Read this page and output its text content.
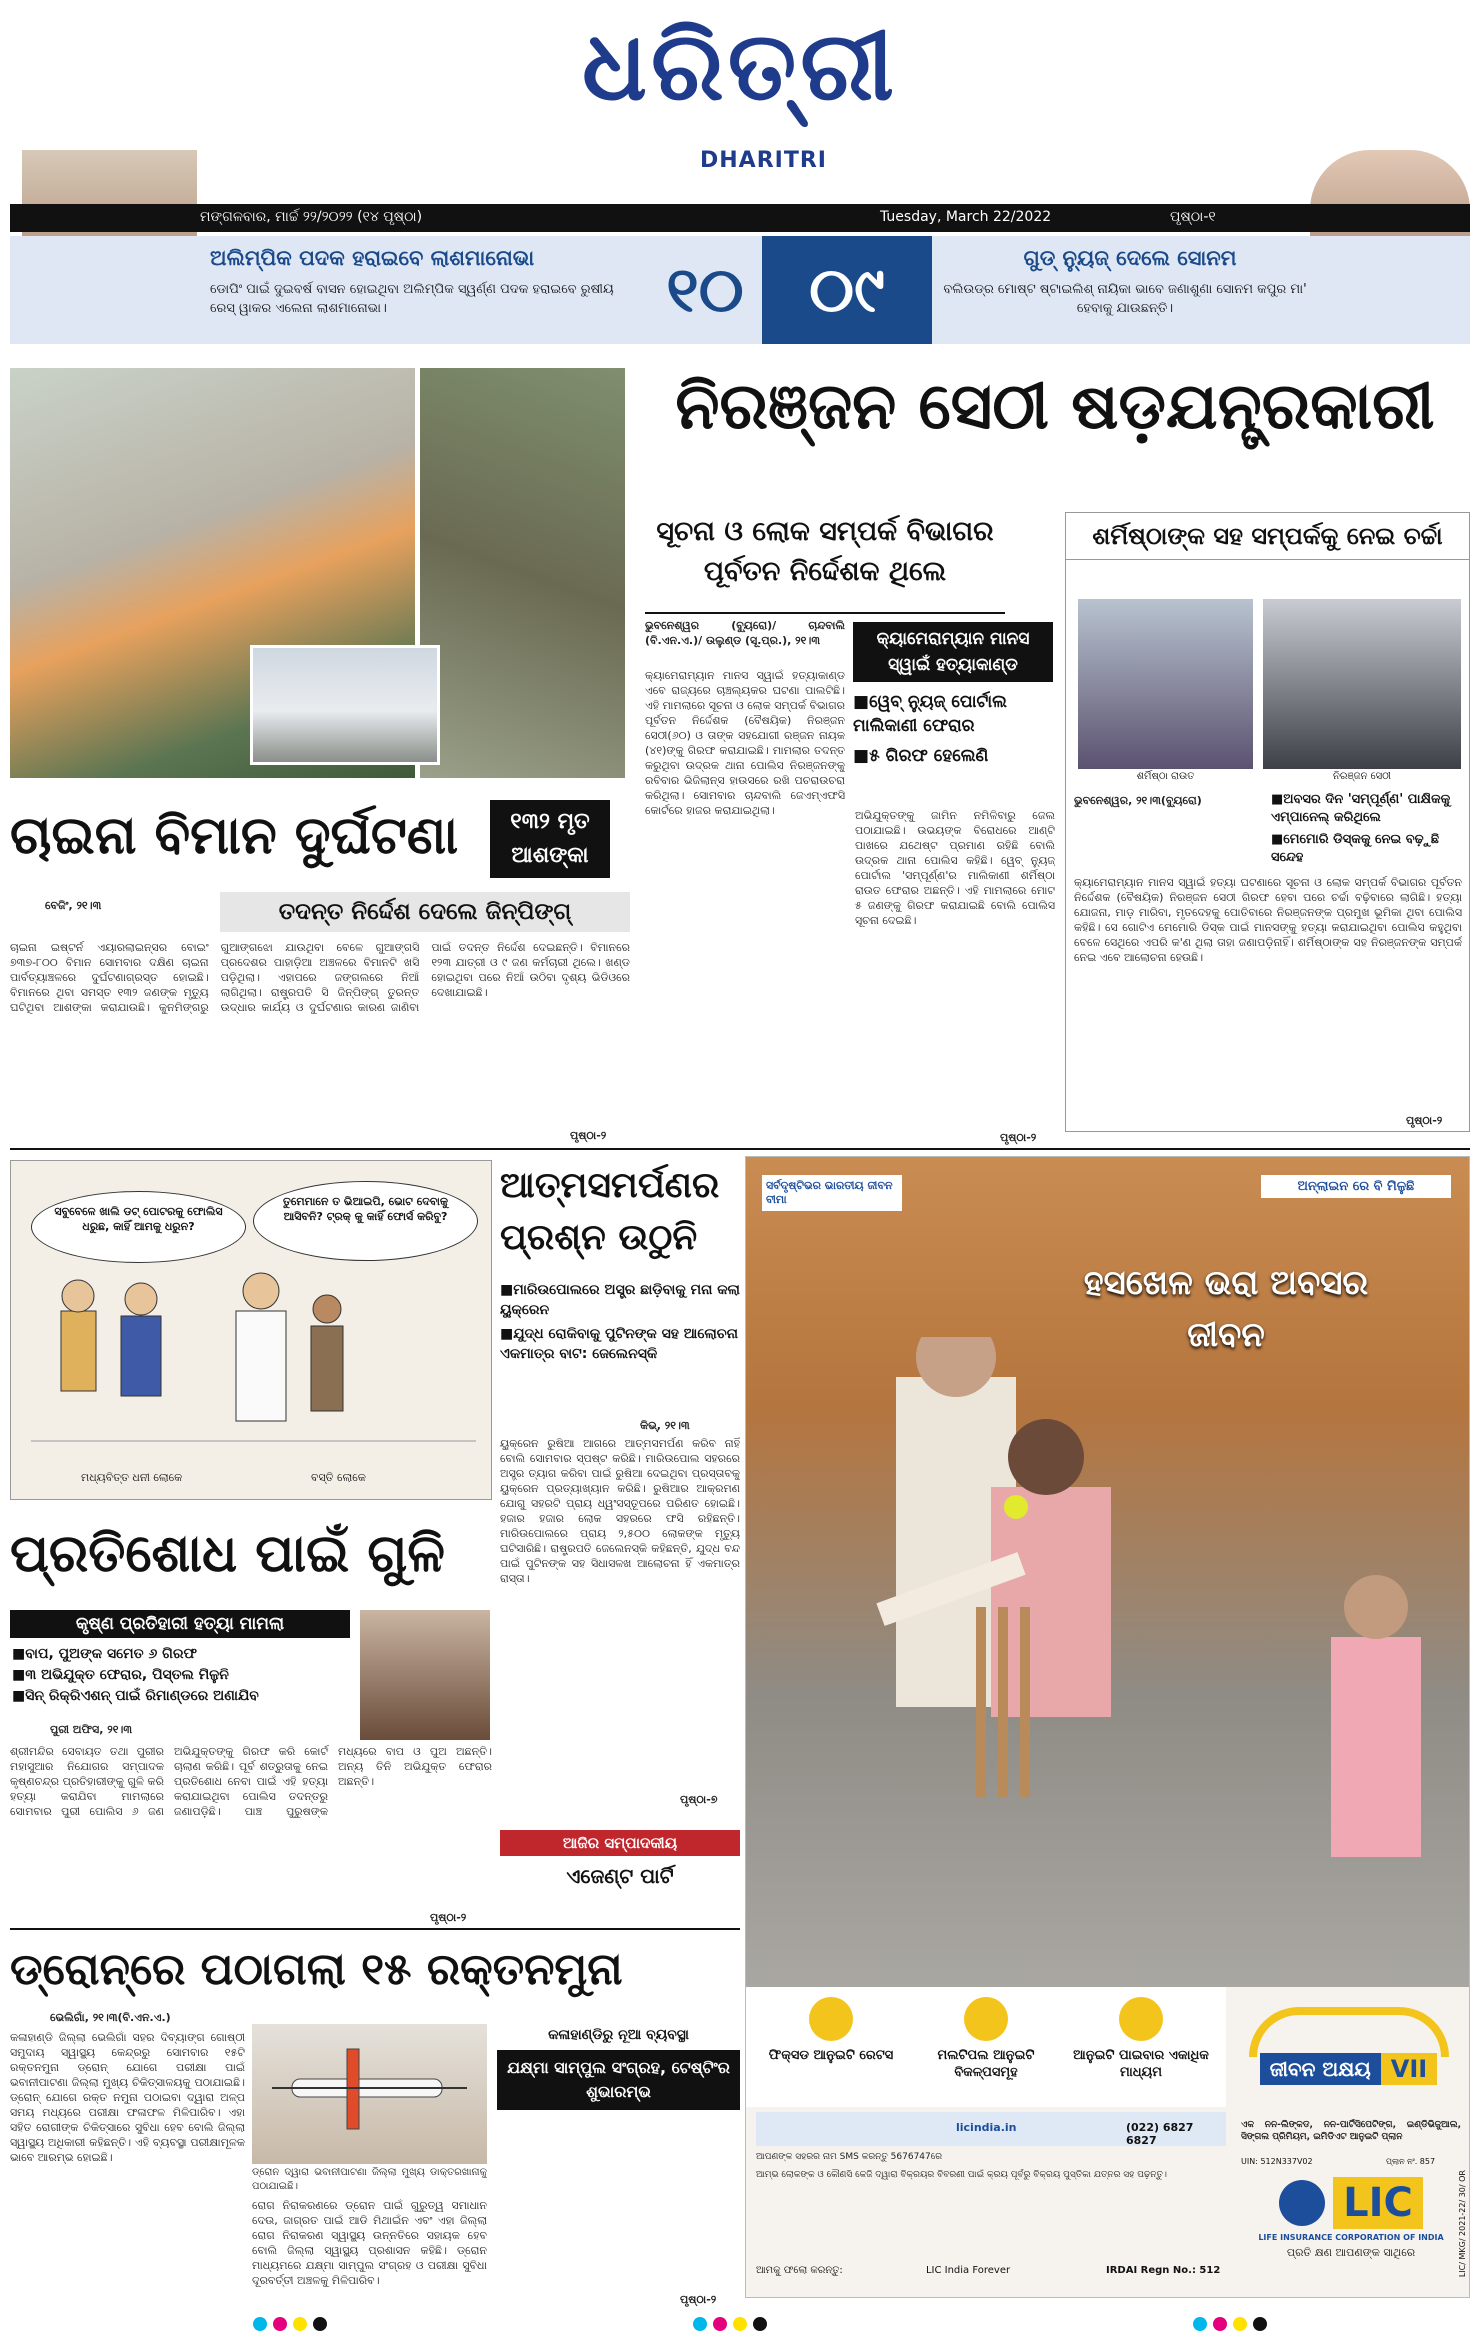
ଧରିତ୍ରୀ
DHARITRI
ମଙ୍ଗଳବାର, ମାର୍ଚ୍ଚ ୨୨/୨୦୨୨ (୧୪ ପୃଷ୍ଠା)	Tuesday, March 22/2022	ପୃଷ୍ଠା-୧
ଅଲିମ୍ପିକ ପଦକ ହରାଇବେ ଲାଶମାନୋଭା
ଡୋପିଂ ପାଇଁ ଦୁଇବର୍ଷ ବାସନ ହୋଇଥିବା ଅଲିମ୍ପିକ ସ୍ୱର୍ଣ୍ଣ ପଦକ ହରାଇବେ ରୁଷୀୟ ରେସ୍ ୱାକର ଏଲେନା ଲାଶମାନୋଭା।	୧୦	୦୯	ଗୁଡ୍ ନ୍ୟୁଜ୍ ଦେଲେ ସୋନମ
ବଲିଉଡ୍‌ର ମୋଷ୍ଟ ଷ୍ଟାଇଲିଶ୍ ନାୟିକା ଭାବେ ଜଣାଶୁଣା ସୋନମ କପୁର ମା' ହେବାକୁ ଯାଉଛନ୍ତି।
ନିରଞ୍ଜନ ସେଠୀ ଷଡ଼ଯନ୍ତ୍ରକାରୀ
ସୂଚନା ଓ ଲୋକ ସମ୍ପର୍କ ବିଭାଗର ପୂର୍ବତନ ନିର୍ଦ୍ଦେଶକ ଥିଲେ
ଭୁବନେଶ୍ୱର (ବ୍ୟୁରୋ)/ ଚାନ୍ଦବାଲି (ବି.ଏନ.ଏ.)/ ଉଲୁଣ୍ଡ (ସୂ.ପ୍ର.), ୨୧।୩	କ୍ୟାମେରାମ୍ୟାନ ମାନସ ସ୍ୱାଇଁ ହତ୍ୟାକାଣ୍ଡ
■ ୱେବ୍ ନ୍ୟୁଜ୍ ପୋର୍ଟାଲ ମାଲିକାଣୀ ଫେରାର
■ ୫ ଗିରଫ ହେଲେଣି
କ୍ୟାମେରାମ୍ୟାନ ମାନସ ସ୍ୱାଇଁ ହତ୍ୟାକାଣ୍ଡ ଏବେ ରାଜ୍ୟରେ ଚାଞ୍ଚଲ୍ୟକର ଘଟଣା ପାଲଟିଛି। ଏହି ମାମଲାରେ ସୂଚନା ଓ ଲୋକ ସମ୍ପର୍କ ବିଭାଗର ପୂର୍ବତନ ନିର୍ଦ୍ଦେଶକ (ବୈଷୟିକ) ନିରଞ୍ଜନ ସେଠୀ(୬୦) ଓ ତାଙ୍କ ସହଯୋଗୀ ରଞ୍ଜନ ନାୟକ (୪୧)ଙ୍କୁ ଗିରଫ କରାଯାଇଛି। ମାମଲାର ତଦନ୍ତ କରୁଥିବା ଉଦ୍ରକ ଥାନା ପୋଲିସ ନିରଞ୍ଜନଙ୍କୁ ରବିବାର ଭିଜିଲାନ୍ସ ହାଉସରେ ରଖି ପଚରାଉଚରା କରିଥିଲା। ସୋମବାର ଚାନ୍ଦବାଲି ଜେଏମ୍ଏଫସି କୋର୍ଟରେ ହାଜର କରାଯାଇଥିଲା।	ଅଭିଯୁକ୍ତଙ୍କୁ ଜାମିନ ନମିଳିବାରୁ ଜେଲ ପଠାଯାଇଛି। ଉଭୟଙ୍କ ବିରୋଧରେ ଆଣ୍ଟି ପାଖରେ ଯଥେଷ୍ଟ ପ୍ରମାଣ ରହିଛି ବୋଲି ଉଦ୍ରକ ଥାନା ପୋଲିସ କହିଛି। ୱେବ୍ ନ୍ୟୁଜ୍ ପୋର୍ଟାଲ 'ସମ୍ପୂର୍ଣ୍ଣ'ର ମାଲିକାଣୀ ଶର୍ମିଷ୍ଠା ରାଉତ ଫେରାର ଅଛନ୍ତି। ଏହି ମାମଲାରେ ମୋଟ ୫ ଜଣଙ୍କୁ ଗିରଫ କରାଯାଇଛି ବୋଲି ପୋଲିସ ସୂଚନା ଦେଇଛି।
ପୃଷ୍ଠା-୨
ଶର୍ମିଷ୍ଠାଙ୍କ ସହ ସମ୍ପର୍କକୁ ନେଇ ଚର୍ଚ୍ଚା
ଶର୍ମିଷ୍ଠା ରାଉତ	ନିରଞ୍ଜନ ସେଠୀ
ଭୁବନେଶ୍ୱର, ୨୧।୩(ବ୍ୟୁରୋ)	■ ଅବସର ଦିନ 'ସମ୍ପୂର୍ଣ୍ଣ' ପାକ୍ଷିକକୁ ଏମ୍ପାନେଲ୍ କରିଥିଲେ
■ ମେମୋରି ଡିସ୍କକୁ ନେଇ ବଢ଼ୁଛି ସନ୍ଦେହ
କ୍ୟାମେରାମ୍ୟାନ ମାନସ ସ୍ୱାଇଁ ହତ୍ୟା ଘଟଣାରେ ସୂଚନା ଓ ଲୋକ ସମ୍ପର୍କ ବିଭାଗର ପୂର୍ବତନ ନିର୍ଦ୍ଦେଶକ (ବୈଷୟିକ) ନିରଞ୍ଜନ ସେଠୀ ଗିରଫ ହେବା ପରେ ଚର୍ଚ୍ଚା ବଢ଼ିବାରେ ଲାଗିଛି। ହତ୍ୟା ଯୋଜନା, ମାଡ଼ ମାରିବା, ମୃତଦେହକୁ ପୋତିବାରେ ନିରଞ୍ଜନଙ୍କ ପ୍ରମୁଖ ଭୂମିକା ଥିବା ପୋଲିସ କହିଛି। ସେ ଗୋଟିଏ ମେମୋରି ଡିସ୍କ ପାଇଁ ମାନସଙ୍କୁ ହତ୍ୟା କରାଯାଇଥିବା ପୋଲିସ କହୁଥିବା ବେଳେ ସେଥିରେ ଏପରି କ'ଣ ଥିଲା ତାହା ଜଣାପଡ଼ିନାହିଁ। ଶର୍ମିଷ୍ଠାଙ୍କ ସହ ନିରଞ୍ଜନଙ୍କ ସମ୍ପର୍କ ନେଇ ଏବେ ଆଲୋଚନା ହେଉଛି।
ପୃଷ୍ଠା-୨
ଚାଇନା ବିମାନ ଦୁର୍ଘଟଣା	୧୩୨ ମୃତ ଆଶଙ୍କା
ତଦନ୍ତ ନିର୍ଦ୍ଦେଶ ଦେଲେ ଜିନ୍‌ପିଙ୍ଗ୍
ବେଜିଂ, ୨୧।୩
ଚାଇନା ଇଷ୍ଟର୍ନ ଏୟାରଲାଇନ୍ସର ବୋଇଂ ୭୩୭-୮୦୦ ବିମାନ ସୋମବାର ଦକ୍ଷିଣ ଚାଇନା ପାର୍ବତ୍ୟାଞ୍ଚଳରେ ଦୁର୍ଘଟଣାଗ୍ରସ୍ତ ହୋଇଛି। ବିମାନରେ ଥିବା ସମସ୍ତ ୧୩୨ ଜଣଙ୍କ ମୃତ୍ୟୁ ଘଟିଥିବା ଆଶଙ୍କା କରାଯାଉଛି। କୁନମିଙ୍ଗରୁ ଗୁଆଙ୍ଗଝୋ ଯାଉଥିବା ବେଳେ ଗୁଆଙ୍ଗସି ପ୍ରଦେଶର ପାହାଡ଼ିଆ ଅଞ୍ଚଳରେ ବିମାନଟି ଖସି ପଡ଼ିଥିଲା। ଏହାପରେ ଜଙ୍ଗଲରେ ନିଆଁ ଲାଗିଥିଲା। ରାଷ୍ଟ୍ରପତି ସି ଜିନ୍‌ପିଙ୍ଗ୍ ତୁରନ୍ତ ଉଦ୍ଧାର କାର୍ଯ୍ୟ ଓ ଦୁର୍ଘଟଣାର କାରଣ ଜାଣିବା ପାଇଁ ତଦନ୍ତ ନିର୍ଦ୍ଦେଶ ଦେଇଛନ୍ତି। ବିମାନରେ ୧୨୩ ଯାତ୍ରୀ ଓ ୯ ଜଣ କର୍ମଚାରୀ ଥିଲେ। ଖଣ୍ଡ ହୋଇଥିବା ପରେ ନିଆଁ ଉଠିବା ଦୃଶ୍ୟ ଭିଡିଓରେ ଦେଖାଯାଇଛି।
ପୃଷ୍ଠା-୨
ସବୁବେଳେ ଖାଲି ଡଟ୍ ପୋଟରକୁ ଫୋଲିସ ଧରୁଛ, କାହିଁ ଆମକୁ ଧରୁନ?
ତୁମେମାନେ ତ ଭିଆଇପି, ଭୋଟ ଦେବାକୁ ଆସିବନି? ଟ୍ରକ୍ କୁ କାହିଁ ଫୋର୍ସ କରିବୁ?
ମଧ୍ୟବିତ୍ତ ଧନୀ ଲୋକେ	ବସ୍ତି ଲୋକେ
ଆତ୍ମସମର୍ପଣର ପ୍ରଶ୍ନ ଉଠୁନି
■ ମାରିଉପୋଲରେ ଅସ୍ତ୍ର ଛାଡ଼ିବାକୁ ମନା କଲା ୟୁକ୍ରେନ
■ ଯୁଦ୍ଧ ରୋକିବାକୁ ପୁଟିନଙ୍କ ସହ ଆଲୋଚନା ଏକମାତ୍ର ବାଟ: ଜେଲେନସ୍କି
କିଭ୍, ୨୧।୩
ୟୁକ୍ରେନ ରୁଷିଆ ଆଗରେ ଆତ୍ମସମର୍ପଣ କରିବ ନାହିଁ ବୋଲି ସୋମବାର ସ୍ପଷ୍ଟ କରିଛି। ମାରିଉପୋଲ ସହରରେ ଅସ୍ତ୍ର ତ୍ୟାଗ କରିବା ପାଇଁ ରୁଷିଆ ଦେଇଥିବା ପ୍ରସ୍ତାବକୁ ୟୁକ୍ରେନ ପ୍ରତ୍ୟାଖ୍ୟାନ କରିଛି। ରୁଷିଆର ଆକ୍ରମଣ ଯୋଗୁ ସହରଟି ପ୍ରାୟ ଧ୍ୱଂସସ୍ତୂପରେ ପରିଣତ ହୋଇଛି। ହଜାର ହଜାର ଲୋକ ସହରରେ ଫସି ରହିଛନ୍ତି। ମାରିଉପୋଲରେ ପ୍ରାୟ ୨,୫୦୦ ଲୋକଙ୍କ ମୃତ୍ୟୁ ଘଟିସାରିଛି। ରାଷ୍ଟ୍ରପତି ଜେଲେନସ୍କି କହିଛନ୍ତି, ଯୁଦ୍ଧ ବନ୍ଦ ପାଇଁ ପୁଟିନଙ୍କ ସହ ସିଧାସଳଖ ଆଲୋଚନା ହିଁ ଏକମାତ୍ର ରାସ୍ତା।
ପୃଷ୍ଠା-୭
ପ୍ରତିଶୋଧ ପାଇଁ ଗୁଳି
କୃଷ୍ଣ ପ୍ରତିହାରୀ ହତ୍ୟା ମାମଲା
■ ବାପ, ପୁଅଙ୍କ ସମେତ ୬ ଗିରଫ
■ ୩ ଅଭିଯୁକ୍ତ ଫେରାର, ପିସ୍ତଲ ମିଳୁନି
■ ସିନ୍ ରିକ୍ରିଏଶନ୍ ପାଇଁ ରିମାଣ୍ଡରେ ଅଣାଯିବ
ପୁରୀ ଅଫିସ, ୨୧।୩
ଶ୍ରୀମନ୍ଦିର ସେବାୟତ ତଥା ପୁରୀର ମହାସୁଆର ନିଯୋଗର ସମ୍ପାଦକ କୃଷ୍ଣଚନ୍ଦ୍ର ପ୍ରତିହାରୀଙ୍କୁ ଗୁଳି କରି ହତ୍ୟା କରାଯିବା ମାମଲାରେ ସୋମବାର ପୁରୀ ପୋଲିସ ୬ ଜଣ ଅଭିଯୁକ୍ତଙ୍କୁ ଗିରଫ କରି କୋର୍ଟ ଚାଲାଣ କରିଛି। ପୂର୍ବ ଶତ୍ରୁତାକୁ ନେଇ ପ୍ରତିଶୋଧ ନେବା ପାଇଁ ଏହି ହତ୍ୟା କରାଯାଇଥିବା ପୋଲିସ ତଦନ୍ତରୁ ଜଣାପଡ଼ିଛି। ପାଞ୍ଚ ପୁରୁଷଙ୍କ ମଧ୍ୟରେ ବାପ ଓ ପୁଅ ଅଛନ୍ତି। ଅନ୍ୟ ତିନି ଅଭିଯୁକ୍ତ ଫେରାର ଅଛନ୍ତି।
ପୃଷ୍ଠା-୨
ଆଜିର ସମ୍ପାଦକୀୟ
ଏଜେଣ୍ଟ ପାର୍ଟି
ଡ୍ରୋନ୍‌ରେ ପଠାଗଲା ୧୫ ରକ୍ତନମୁନା
ଭେଲିଗାଁ, ୨୧।୩(ବି.ଏନ.ଏ.)
କଳାହାଣ୍ଡି ଜିଲ୍ଲା ଭେଲିଗାଁ ସହର ଦିବ୍ୟାଙ୍ଗ ଗୋଷ୍ଠୀ ସମୁଦାୟ ସ୍ୱାସ୍ଥ୍ୟ କେନ୍ଦ୍ରରୁ ସୋମବାର ୧୫ଟି ରକ୍ତନମୁନା ଡ୍ରୋନ୍ ଯୋଗେ ପରୀକ୍ଷା ପାଇଁ ଭବାନୀପାଟଣା ଜିଲ୍ଲା ମୁଖ୍ୟ ଚିକିତ୍ସାଳୟକୁ ପଠାଯାଇଛି। ଡ୍ରୋନ୍ ଯୋଗେ ରକ୍ତ ନମୁନା ପଠାଇବା ଦ୍ୱାରା ଅଳ୍ପ ସମୟ ମଧ୍ୟରେ ପରୀକ୍ଷା ଫଳାଫଳ ମିଳିପାରିବ। ଏହା ସହିତ ରୋଗୀଙ୍କ ଚିକିତ୍ସାରେ ସୁବିଧା ହେବ ବୋଲି ଜିଲ୍ଲା ସ୍ୱାସ୍ଥ୍ୟ ଅଧିକାରୀ କହିଛନ୍ତି। ଏହି ବ୍ୟବସ୍ଥା ପରୀକ୍ଷାମୂଳକ ଭାବେ ଆରମ୍ଭ ହୋଇଛି।
ଡ୍ରୋନ ଦ୍ୱାରା ଭବାନୀପାଟଣା ଜିଲ୍ଲା ମୁଖ୍ୟ ଡାକ୍ତରଖାନାକୁ ପଠାଯାଇଛି।
ରୋଗ ନିରାକରଣରେ ଡ୍ରୋନ ପାଇଁ ଗୁରୁତ୍ୱ ସମାଧାନ ଦେଉ, ଜାଗ୍ରତ ପାଇଁ ଆଡି ମିଥାଇଁନ ଏବଂ ଏହା ଜିଲ୍ଲା ରୋଗ ନିରାକରଣ ସ୍ୱାସ୍ଥ୍ୟ ଉନ୍ନତିରେ ସହାୟକ ହେବ ବୋଲି ଜିଲ୍ଲା ସ୍ୱାସ୍ଥ୍ୟ ପ୍ରଶାସନ କହିଛି। ଡ୍ରୋନ ମାଧ୍ୟମରେ ଯକ୍ଷ୍ମା ସାମ୍ପୁଲ ସଂଗ୍ରହ ଓ ପରୀକ୍ଷା ସୁବିଧା ଦୂରବର୍ତ୍ତୀ ଅଞ୍ଚଳକୁ ମିଳିପାରିବ।
କଳାହାଣ୍ଡିରୁ ନୂଆ ବ୍ୟବସ୍ଥା
ଯକ୍ଷ୍ମା ସାମ୍ପୁଲ ସଂଗ୍ରହ, ଟେଷ୍ଟିଂର ଶୁଭାରମ୍ଭ
ପୃଷ୍ଠା-୨
ସର୍ବଦୃଷ୍ଟିଭର ଭାରତୀୟ ଜୀବନ ବୀମା
ଅନ୍‌ଲାଇନ ରେ ବି ମିଳୁଛି
ହସଖେଳ ଭରା ଅବସର ଜୀବନ
ଫିକ୍ସଡ ଆନୁଇଟି ରେଟସ	ମଲଟିପଲ ଆନୁଇଟି ବିକଳ୍ପସମୂହ
ଆନୁଇଟି ପାଇବାର ଏକାଧିକ ମାଧ୍ୟମ	ଜୀବନ ଅକ୍ଷୟ VII
ଏକ ନନ-ଲିଙ୍କଡ, ନନ-ପାର୍ଟିସିପେଟିଙ୍ଗ, ଇଣ୍ଡିଭିଜୁଆଲ, ସିଙ୍ଗଲ ପ୍ରିମିୟମ, ଇମିଡିଏଟ ଆନୁଇଟି ପ୍ଲାନ
UIN: 512N337V02	ପ୍ଲାନ ନଂ. 857
licindia.in	(022) 6827 6827
ଆପଣଙ୍କ ସହରର ନାମ SMS କରନ୍ତୁ 5676747ରେ
ଆମ୍ଭ ଲୋକଙ୍କ ଓ କୌଣସି କେଜି ଦ୍ୱାରା ବିକ୍ରୟର ବିବରଣୀ ପାଇଁ କ୍ରୟ ପୂର୍ବରୁ ବିକ୍ରୟ ପୁସ୍ତିକା ଯତ୍ନର ସହ ପଢ଼ନ୍ତୁ।
ଆମକୁ ଫଲୋ କରନ୍ତୁ:	LIC India Forever	IRDAI Regn No.: 512
LIC
LIFE INSURANCE CORPORATION OF INDIA
ପ୍ରତି କ୍ଷଣ ଆପଣଙ୍କ ସାଥିରେ	LIC/ MKG/ 2021-22/ 30/ OR
